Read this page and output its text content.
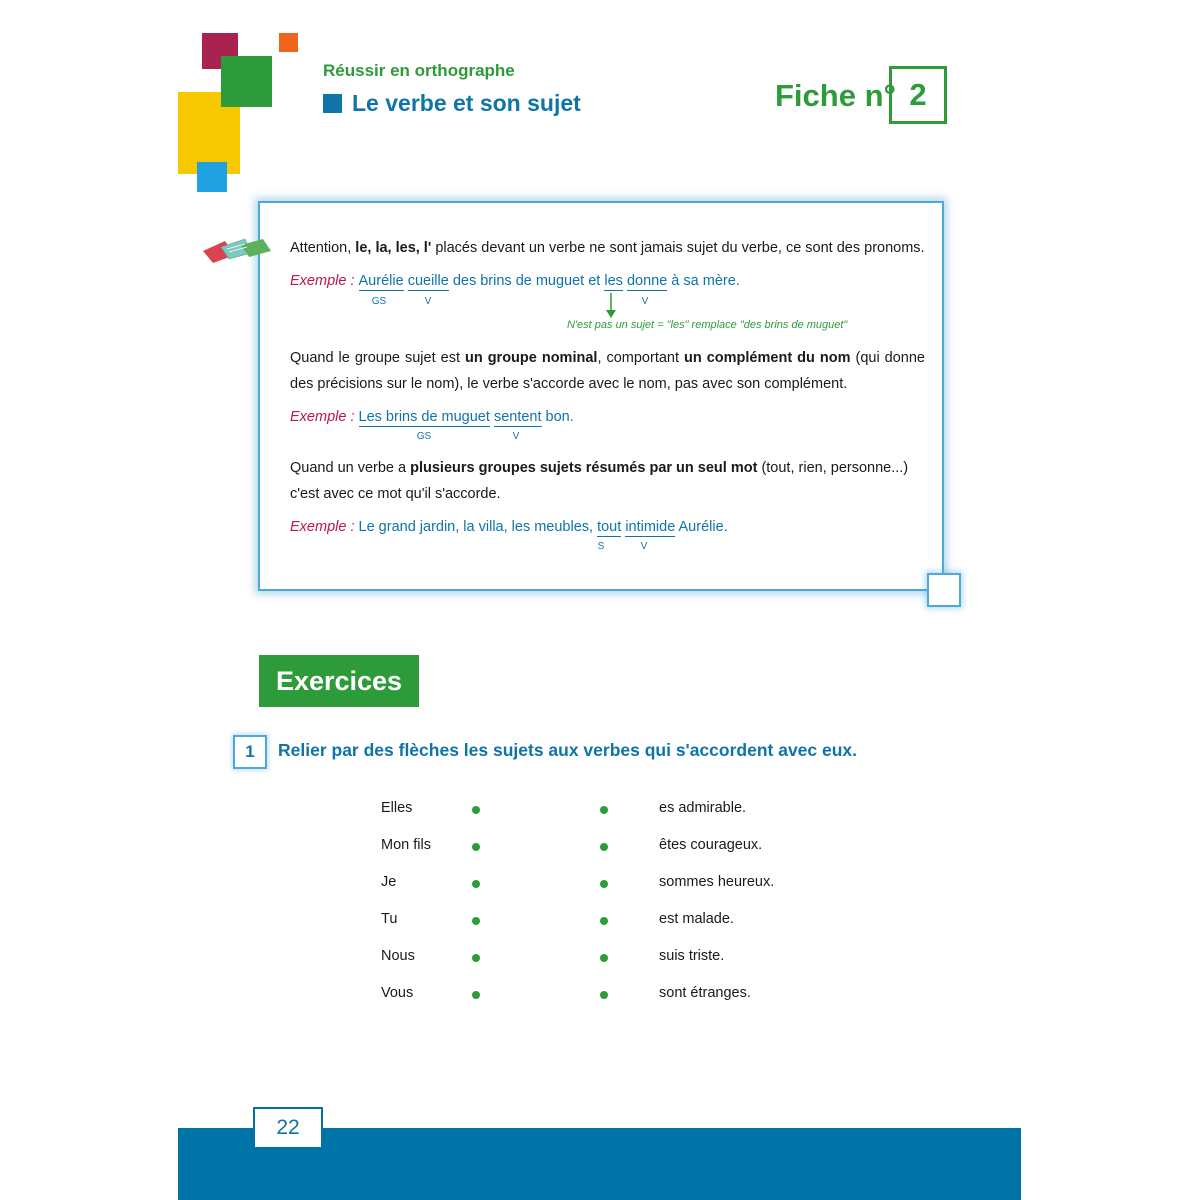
Réussir en orthographe
Le verbe et son sujet	Fiche n° 2
Attention, le, la, les, l' placés devant un verbe ne sont jamais sujet du verbe, ce sont des pronoms.
Exemple : Aurélie cueille des brins de muguet et les donne à sa mère.
GS	V	V
N'est pas un sujet = "les" remplace "des brins de muguet"
Quand le groupe sujet est un groupe nominal, comportant un complément du nom (qui donne des précisions sur le nom), le verbe s'accorde avec le nom, pas avec son complément.
Exemple : Les brins de muguet sentent bon.
GS	V
Quand un verbe a plusieurs groupes sujets résumés par un seul mot (tout, rien, personne...) c'est avec ce mot qu'il s'accorde.
Exemple : Le grand jardin, la villa, les meubles, tout intimide Aurélie.
S	V
Exercices
1	Relier par des flèches les sujets aux verbes qui s'accordent avec eux.
Elles	es admirable.
Mon fils	êtes courageux.
Je	sommes heureux.
Tu	est malade.
Nous	suis triste.
Vous	sont étranges.
22
